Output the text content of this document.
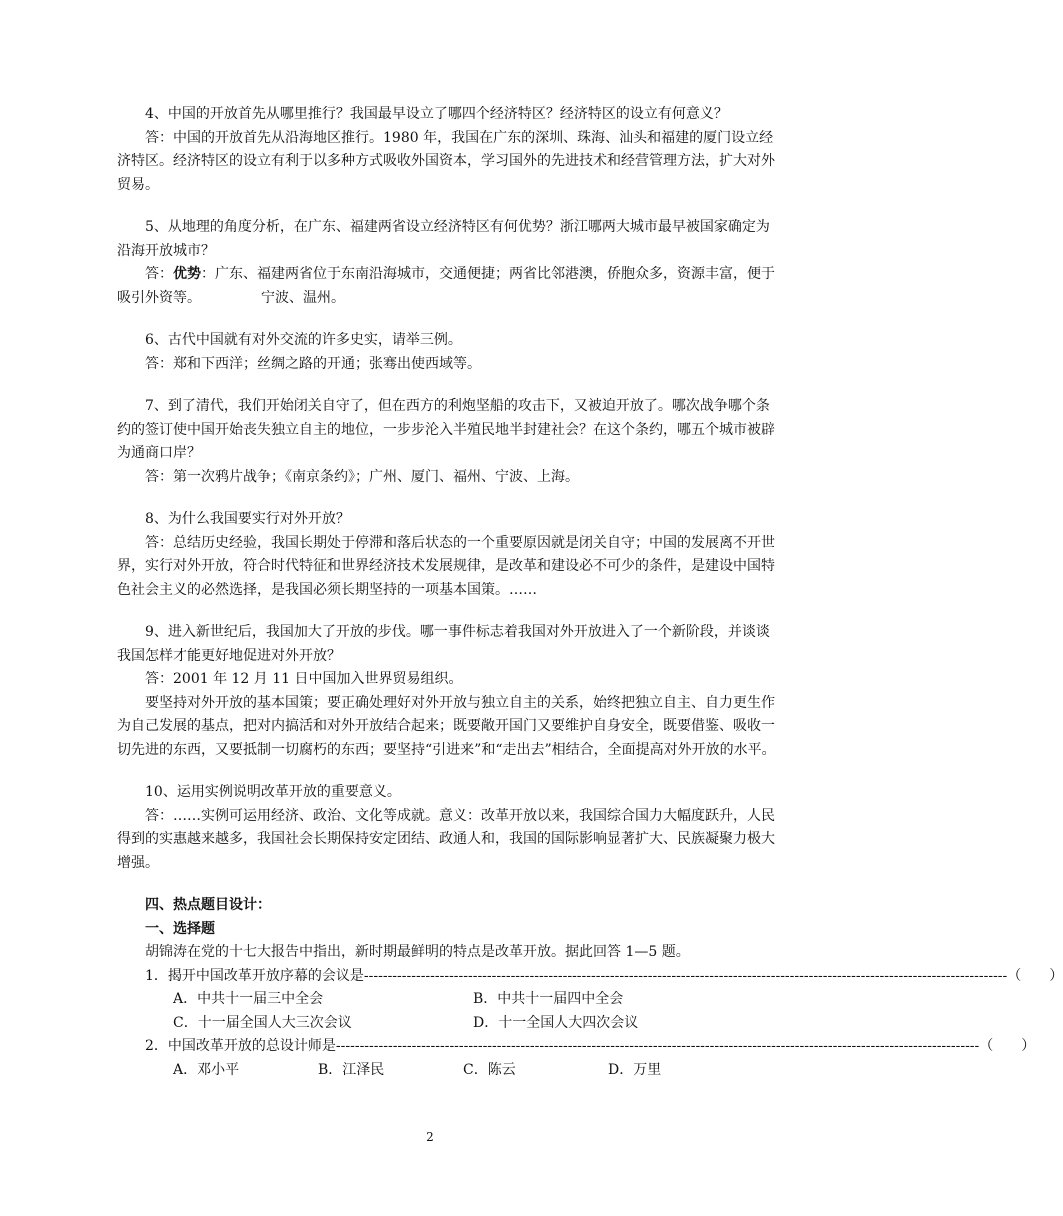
4、中国的开放首先从哪里推行？我国最早设立了哪四个经济特区？经济特区的设立有何意义？

答：中国的开放首先从沿海地区推行。1980 年，我国在广东的深圳、珠海、汕头和福建的厦门设立经济特区。经济特区的设立有利于以多种方式吸收外国资本，学习国外的先进技术和经营管理方法，扩大对外贸易。

5、从地理的角度分析，在广东、福建两省设立经济特区有何优势？浙江哪两大城市最早被国家确定为沿海开放城市？

答：优势：广东、福建两省位于东南沿海城市，交通便捷；两省比邻港澳，侨胞众多，资源丰富，便于吸引外资等。	宁波、温州。

6、古代中国就有对外交流的许多史实，请举三例。

答：郑和下西洋；丝绸之路的开通；张骞出使西域等。

7、到了清代，我们开始闭关自守了，但在西方的利炮坚船的攻击下，又被迫开放了。哪次战争哪个条约的签订使中国开始丧失独立自主的地位，一步步沦入半殖民地半封建社会？在这个条约，哪五个城市被辟为通商口岸？

答：第一次鸦片战争；《南京条约》；广州、厦门、福州、宁波、上海。

8、为什么我国要实行对外开放？

答：总结历史经验，我国长期处于停滞和落后状态的一个重要原因就是闭关自守；中国的发展离不开世界，实行对外开放，符合时代特征和世界经济技术发展规律，是改革和建设必不可少的条件，是建设中国特色社会主义的必然选择，是我国必须长期坚持的一项基本国策。……

9、进入新世纪后，我国加大了开放的步伐。哪一事件标志着我国对外开放进入了一个新阶段，并谈谈我国怎样才能更好地促进对外开放？

答：2001 年 12 月 11 日中国加入世界贸易组织。

要坚持对外开放的基本国策；要正确处理好对外开放与独立自主的关系，始终把独立自主、自力更生作为自己发展的基点，把对内搞活和对外开放结合起来；既要敞开国门又要维护自身安全，既要借鉴、吸收一切先进的东西，又要抵制一切腐朽的东西；要坚持“引进来”和“走出去”相结合，全面提高对外开放的水平。

10、运用实例说明改革开放的重要意义。

答：……实例可运用经济、政治、文化等成就。意义：改革开放以来，我国综合国力大幅度跃升，人民得到的实惠越来越多，我国社会长期保持安定团结、政通人和，我国的国际影响显著扩大、民族凝聚力极大增强。

四、热点题目设计：

一、选择题

胡锦涛在党的十七大报告中指出，新时期最鲜明的特点是改革开放。据此回答 1—5 题。

1．揭开中国改革开放序幕的会议是 ---------------------------------------------------------------------------------------------------------------------------------------- （　　）

A．中共十一届三中全会	B．中共十一届四中全会
C．十一届全国人大三次会议	D．十一全国人大四次会议

2．中国改革开放的总设计师是 ---------------------------------------------------------------------------------------------------------------------------------------- （　　）

A．邓小平	B．江泽民	C．陈云	D．万里
2
